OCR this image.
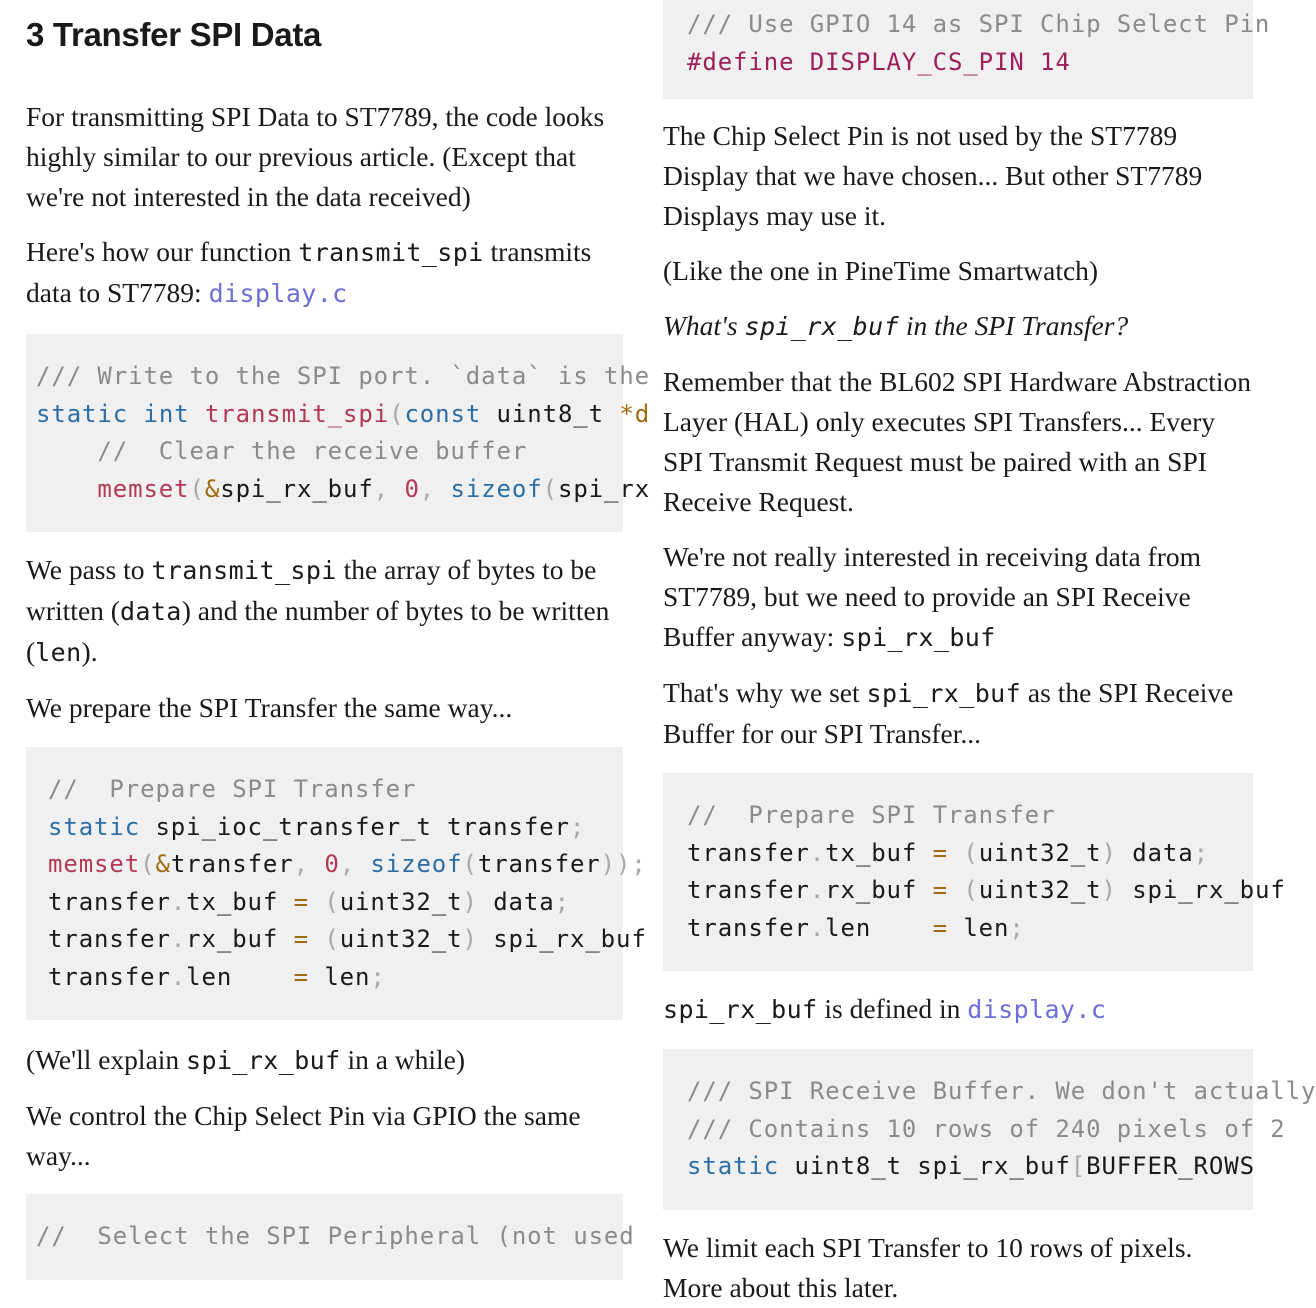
3 Transfer SPI Data

For transmitting SPI Data to ST7789, the code looks highly similar to our previous article. (Except that we're not interested in the data received)

Here's how our function transmit_spi transmits data to ST7789: display.c

/// Write to the SPI port. `data` is the
static int transmit_spi(const uint8_t *d
//  Clear the receive buffer
memset(&spi_rx_buf, 0, sizeof(spi_rx

We pass to transmit_spi the array of bytes to be written (data) and the number of bytes to be written (len).

We prepare the SPI Transfer the same way...

//  Prepare SPI Transfer
static spi_ioc_transfer_t transfer;
memset(&transfer, 0, sizeof(transfer));
transfer.tx_buf = (uint32_t) data;
transfer.rx_buf = (uint32_t) spi_rx_buf
transfer.len    = len;

(We'll explain spi_rx_buf in a while)

We control the Chip Select Pin via GPIO the same way...

//  Select the SPI Peripheral (not used
/// Use GPIO 14 as SPI Chip Select Pin
#define DISPLAY_CS_PIN 14

The Chip Select Pin is not used by the ST7789 Display that we have chosen... But other ST7789 Displays may use it.

(Like the one in PineTime Smartwatch)

What's spi_rx_buf in the SPI Transfer?

Remember that the BL602 SPI Hardware Abstraction Layer (HAL) only executes SPI Transfers... Every SPI Transmit Request must be paired with an SPI Receive Request.

We're not really interested in receiving data from ST7789, but we need to provide an SPI Receive Buffer anyway: spi_rx_buf

That's why we set spi_rx_buf as the SPI Receive Buffer for our SPI Transfer...

//  Prepare SPI Transfer
transfer.tx_buf = (uint32_t) data;
transfer.rx_buf = (uint32_t) spi_rx_buf
transfer.len    = len;

spi_rx_buf is defined in display.c

/// SPI Receive Buffer. We don't actually
/// Contains 10 rows of 240 pixels of 2
static uint8_t spi_rx_buf[BUFFER_ROWS

We limit each SPI Transfer to 10 rows of pixels. More about this later.
